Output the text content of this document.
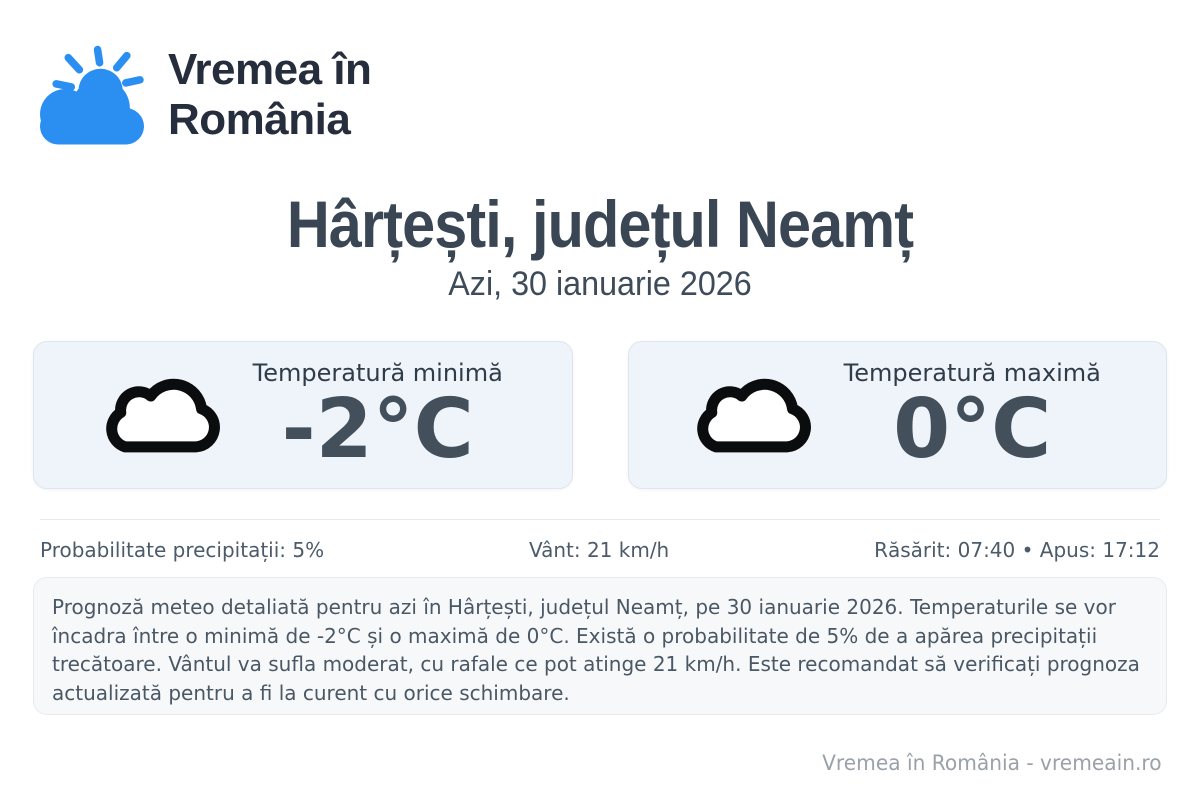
Vremea în
România
Hârțești, județul Neamț
Azi, 30 ianuarie 2026
Temperatură minimă
-2°C
Temperatură maximă
0°C
Probabilitate precipitații: 5%	Vânt: 21 km/h	Răsărit: 07:40 • Apus: 17:12

Prognoză meteo detaliată pentru azi în Hârțești, județul Neamț, pe 30 ianuarie 2026. Temperaturile se vor încadra între o minimă de -2°C și o maximă de 0°C. Există o probabilitate de 5% de a apărea precipitații trecătoare. Vântul va sufla moderat, cu rafale ce pot atinge 21 km/h. Este recomandat să verificați prognoza actualizată pentru a fi la curent cu orice schimbare.

Vremea în România - vremeain.ro
